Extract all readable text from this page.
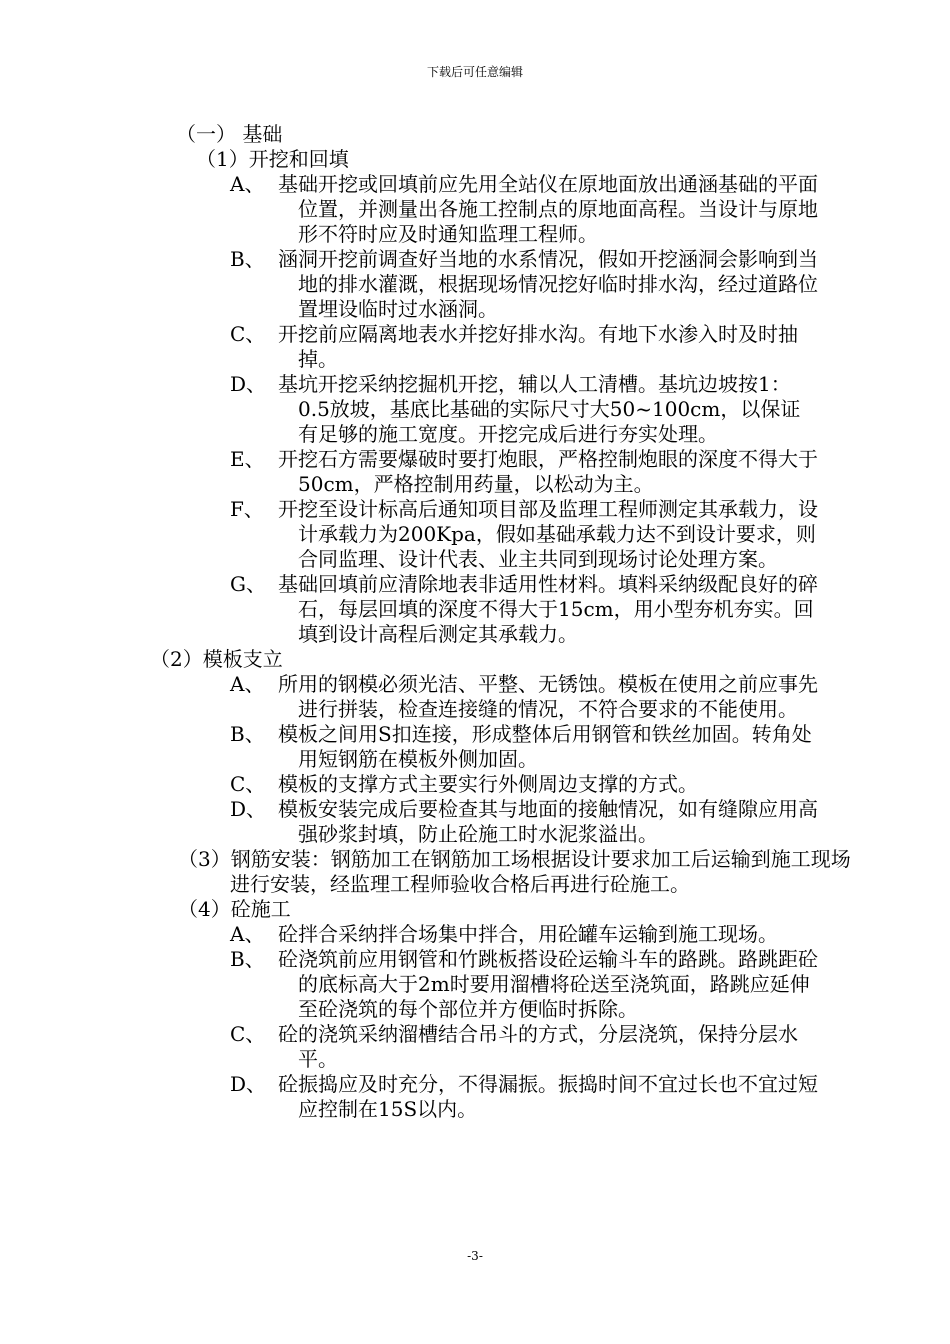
下载后可任意编辑
（一） 基础
（1）开挖和回填
A、 基础开挖或回填前应先用全站仪在原地面放出通涵基础的平面位置，并测量出各施工控制点的原地面高程。当设计与原地形不符时应及时通知监理工程师。
B、 涵洞开挖前调查好当地的水系情况，假如开挖涵洞会影响到当地的排水灌溉，根据现场情况挖好临时排水沟，经过道路位置埋设临时过水涵洞。
C、 开挖前应隔离地表水并挖好排水沟。有地下水渗入时及时抽掉。
D、 基坑开挖采纳挖掘机开挖，辅以人工清槽。基坑边坡按1：0.5放坡，基底比基础的实际尺寸大50~100cm，以保证有足够的施工宽度。开挖完成后进行夯实处理。
E、 开挖石方需要爆破时要打炮眼，严格控制炮眼的深度不得大于50cm，严格控制用药量，以松动为主。
F、 开挖至设计标高后通知项目部及监理工程师测定其承载力，设计承载力为200Kpa，假如基础承载力达不到设计要求，则合同监理、设计代表、业主共同到现场讨论处理方案。
G、 基础回填前应清除地表非适用性材料。填料采纳级配良好的碎石，每层回填的深度不得大于15cm，用小型夯机夯实。回填到设计高程后测定其承载力。
（2）模板支立
A、 所用的钢模必须光洁、平整、无锈蚀。模板在使用之前应事先进行拼装，检查连接缝的情况，不符合要求的不能使用。
B、 模板之间用S扣连接，形成整体后用钢管和铁丝加固。转角处用短钢筋在模板外侧加固。
C、 模板的支撑方式主要实行外侧周边支撑的方式。
D、 模板安装完成后要检查其与地面的接触情况，如有缝隙应用高强砂浆封填，防止砼施工时水泥浆溢出。
（3）钢筋安装：钢筋加工在钢筋加工场根据设计要求加工后运输到施工现场进行安装，经监理工程师验收合格后再进行砼施工。
（4）砼施工
A、 砼拌合采纳拌合场集中拌合，用砼罐车运输到施工现场。
B、 砼浇筑前应用钢管和竹跳板搭设砼运输斗车的路跳。路跳距砼的底标高大于2m时要用溜槽将砼送至浇筑面，路跳应延伸至砼浇筑的每个部位并方便临时拆除。
C、 砼的浇筑采纳溜槽结合吊斗的方式，分层浇筑，保持分层水平。
D、 砼振捣应及时充分，不得漏振。振捣时间不宜过长也不宜过短应控制在15S以内。
-3-
